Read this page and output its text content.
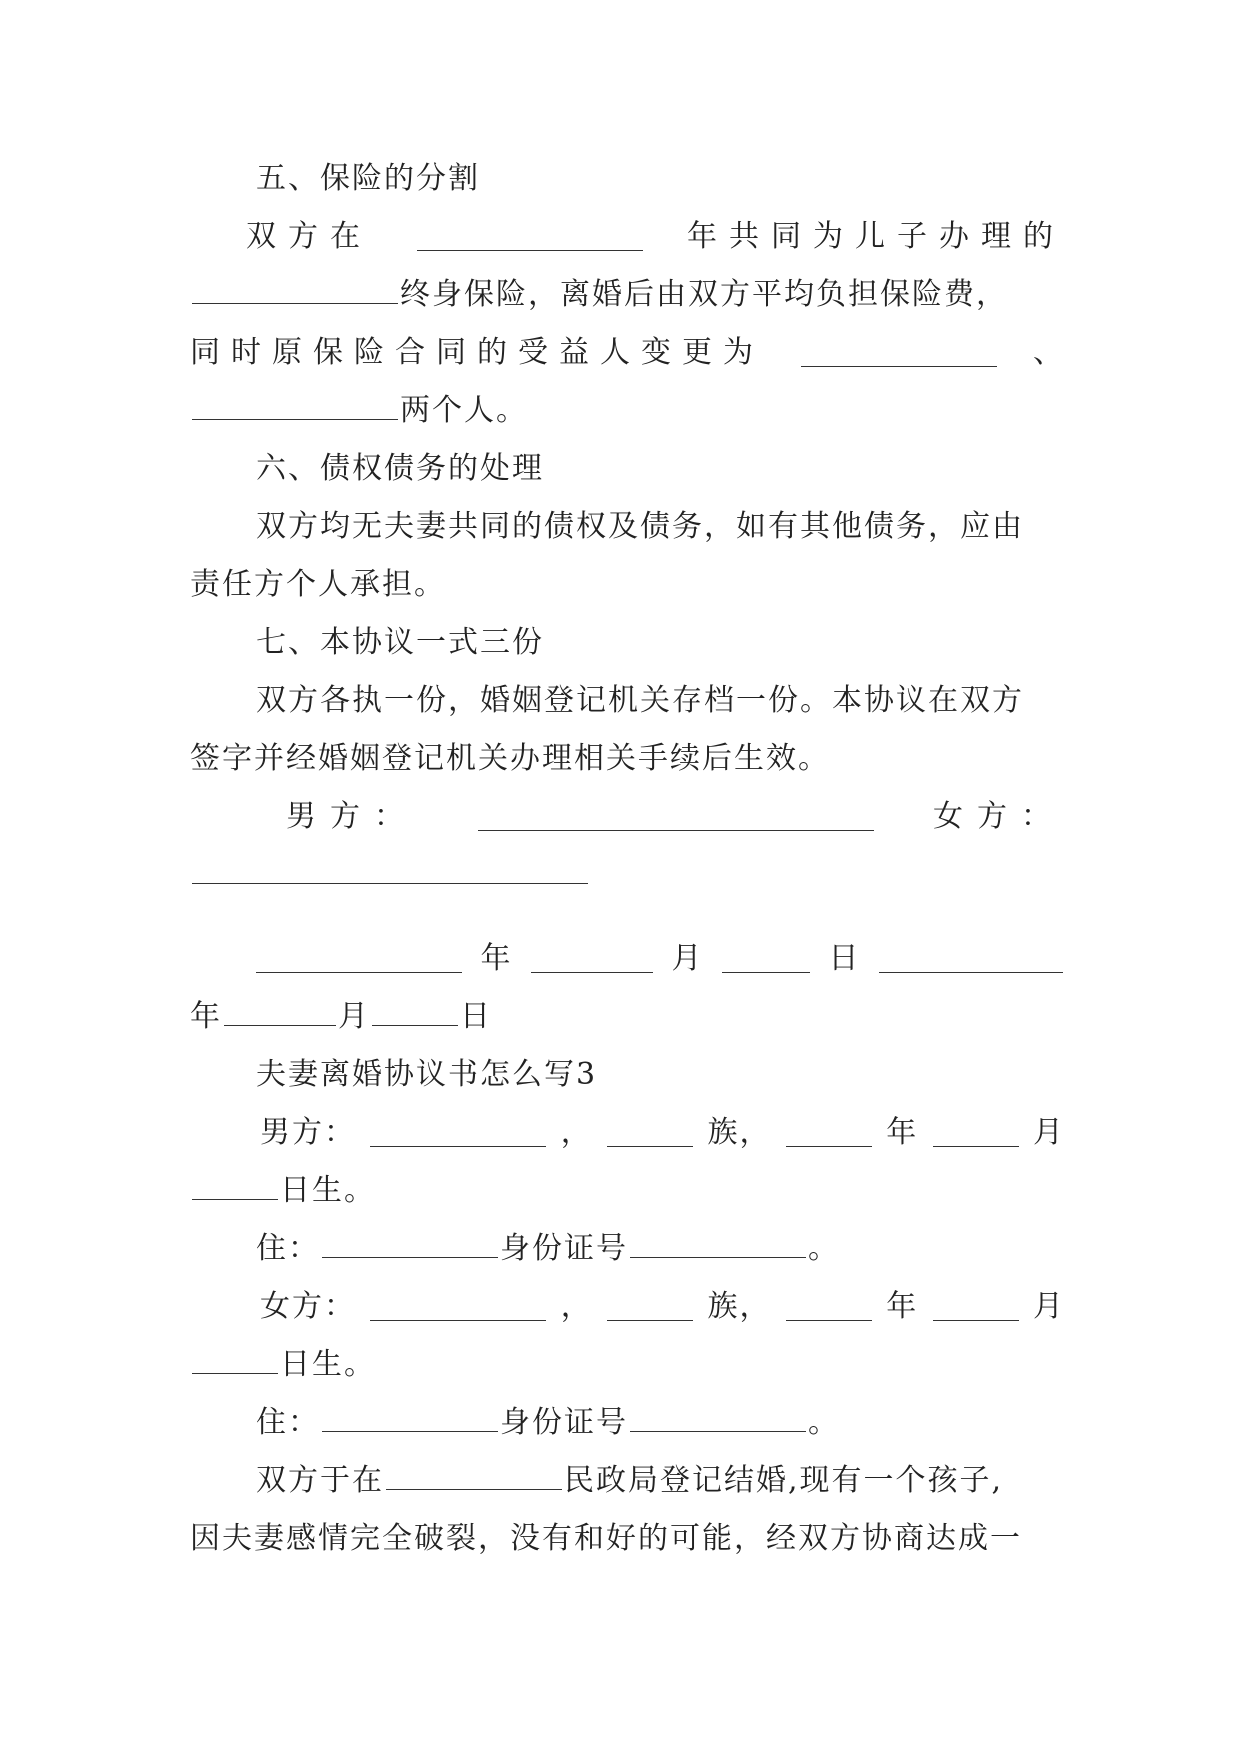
五、保险的分割
双方在	年共同为儿子办理的
终身保险，离婚后由双方平均负担保险费，
同时原保险合同的受益人变更为	、
两个人。
六、债权债务的处理
双方均无夫妻共同的债权及债务，如有其他债务，应由
责任方个人承担。
七、本协议一式三份
双方各执一份，婚姻登记机关存档一份。本协议在双方
签字并经婚姻登记机关办理相关手续后生效。
男方：	女方：
年	月	日
年	月	日
夫妻离婚协议书怎么写3
男方：	，	族，	年	月
日生。
住：	身份证号	。
女方：	，	族，	年	月
日生。
住：	身份证号	。
双方于在	民政局登记结婚,现有一个孩子,
因夫妻感情完全破裂，没有和好的可能，经双方协商达成一
